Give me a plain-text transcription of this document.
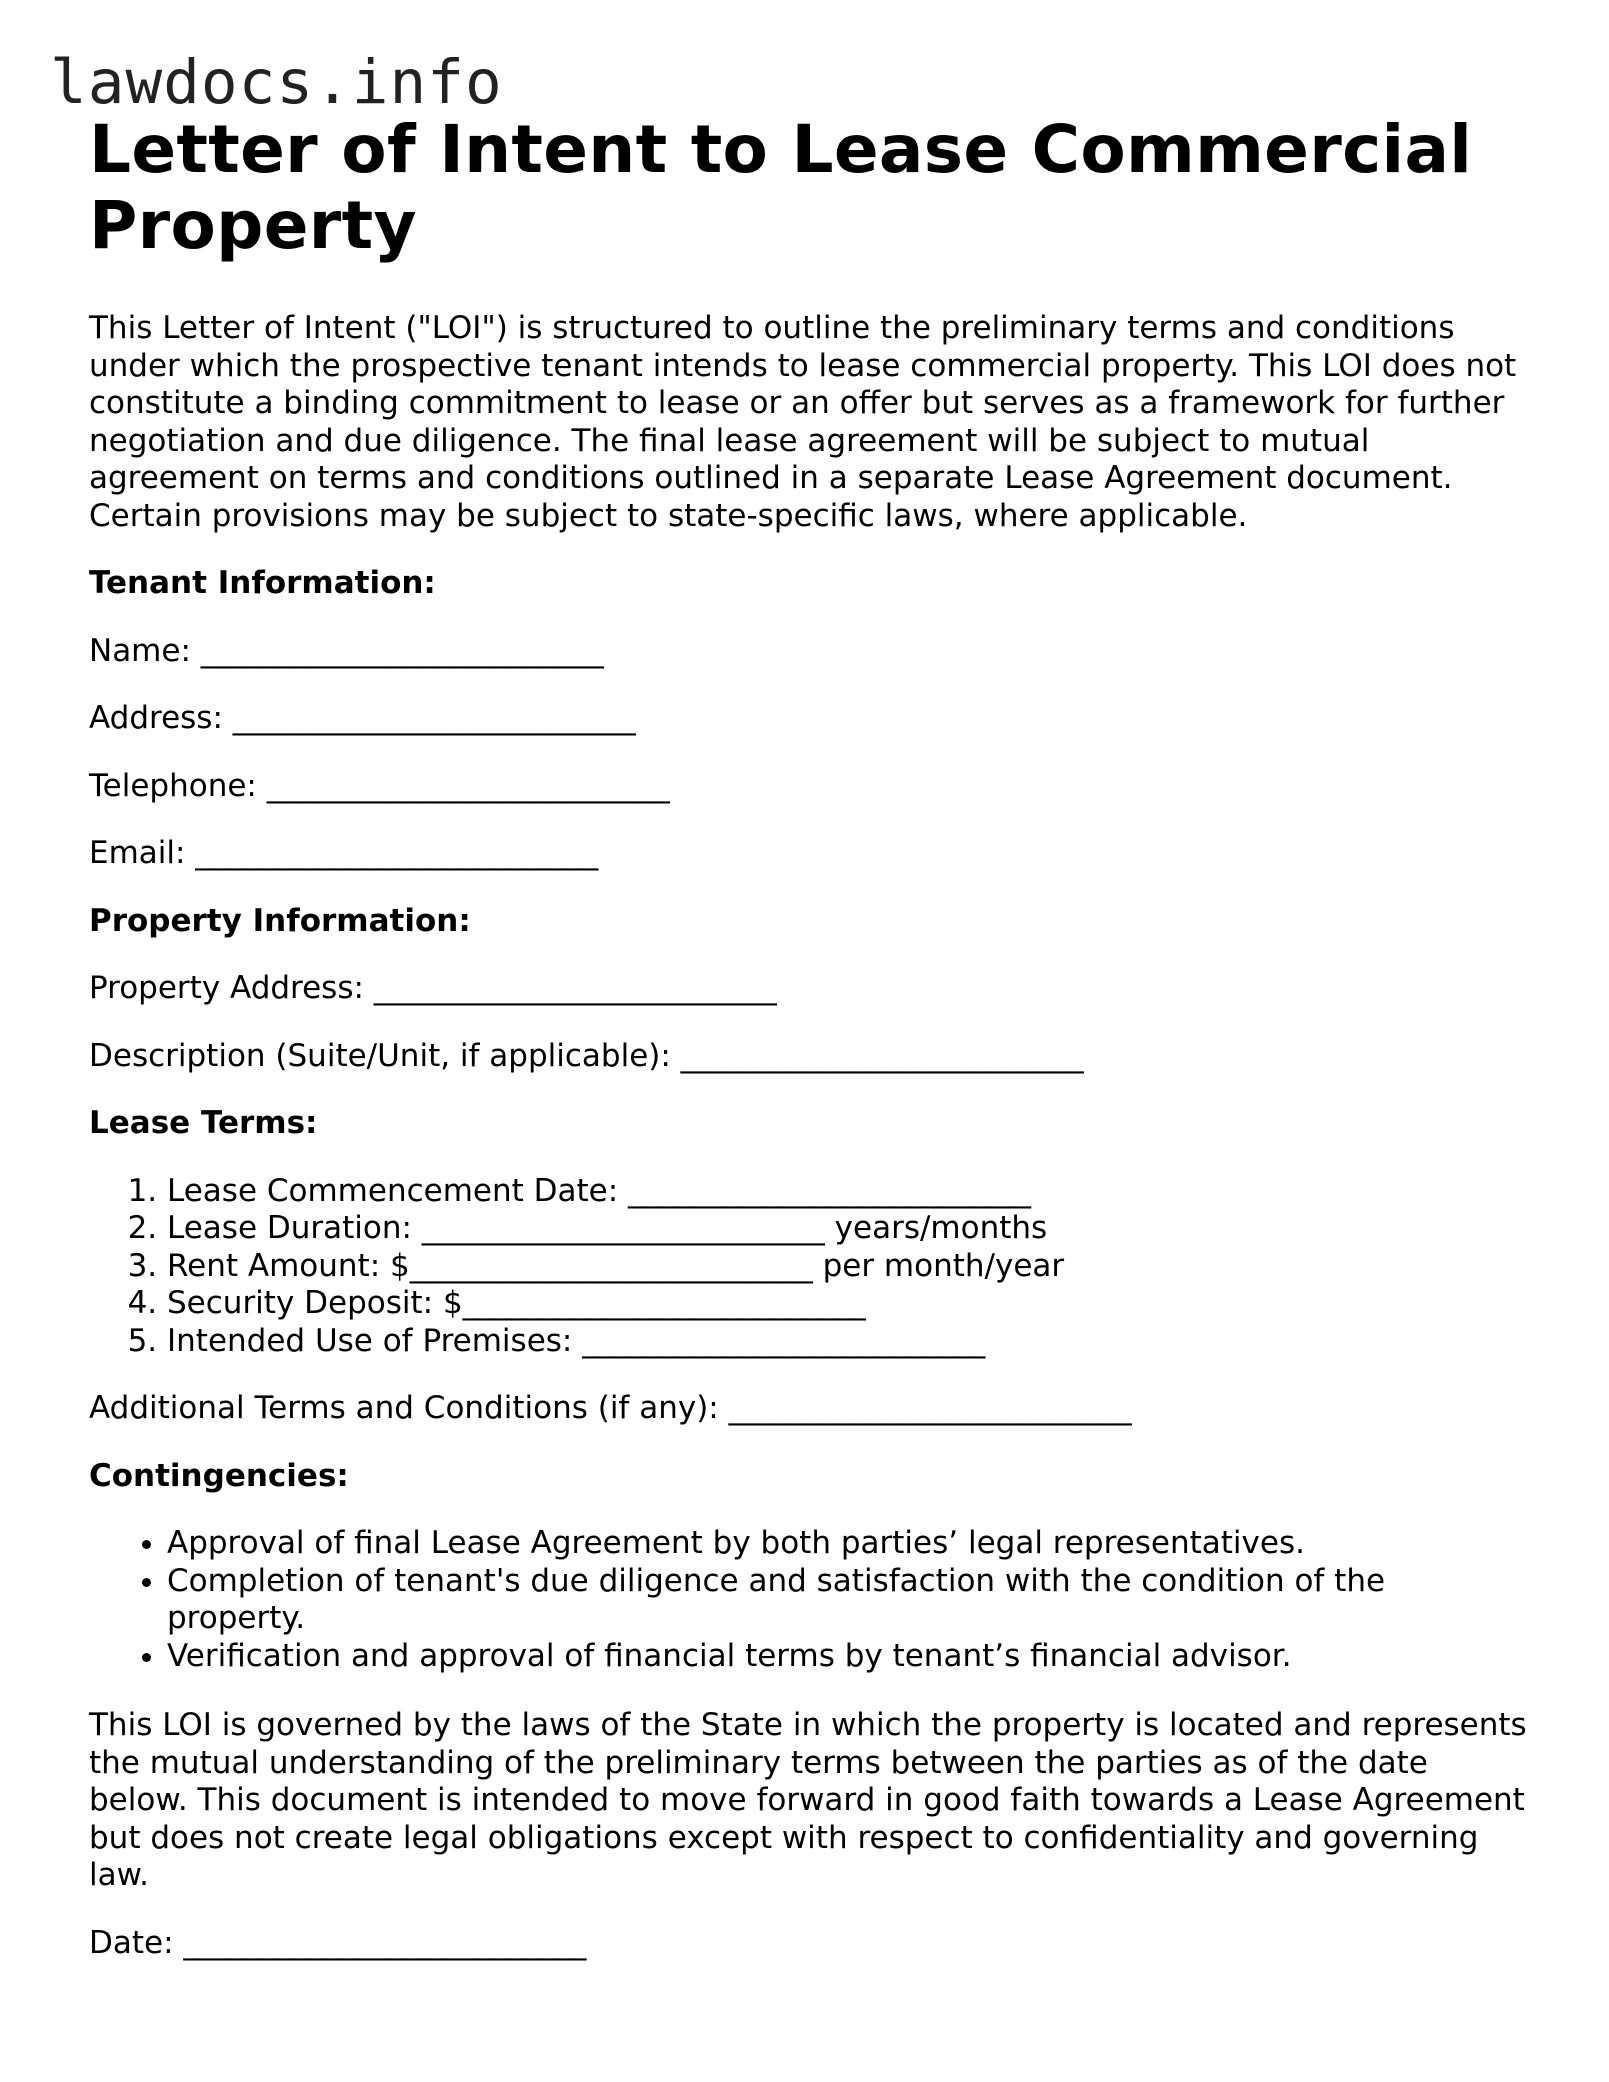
lawdocs.info
Letter of Intent to Lease Commercial Property

This Letter of Intent ("LOI") is structured to outline the preliminary terms and conditions under which the prospective tenant intends to lease commercial property. This LOI does not constitute a binding commitment to lease or an offer but serves as a framework for further negotiation and due diligence. The final lease agreement will be subject to mutual agreement on terms and conditions outlined in a separate Lease Agreement document. Certain provisions may be subject to state-specific laws, where applicable.

Tenant Information:

Name: __________________________

Address: __________________________

Telephone: __________________________

Email: __________________________

Property Information:

Property Address: __________________________

Description (Suite/Unit, if applicable): __________________________

Lease Terms:

1. Lease Commencement Date: __________________________
2. Lease Duration: __________________________ years/months
3. Rent Amount: $__________________________ per month/year
4. Security Deposit: $__________________________
5. Intended Use of Premises: __________________________

Additional Terms and Conditions (if any): __________________________

Contingencies:

• Approval of final Lease Agreement by both parties’ legal representatives.
• Completion of tenant's due diligence and satisfaction with the condition of the property.
• Verification and approval of financial terms by tenant’s financial advisor.

This LOI is governed by the laws of the State in which the property is located and represents the mutual understanding of the preliminary terms between the parties as of the date below. This document is intended to move forward in good faith towards a Lease Agreement but does not create legal obligations except with respect to confidentiality and governing law.

Date: __________________________
